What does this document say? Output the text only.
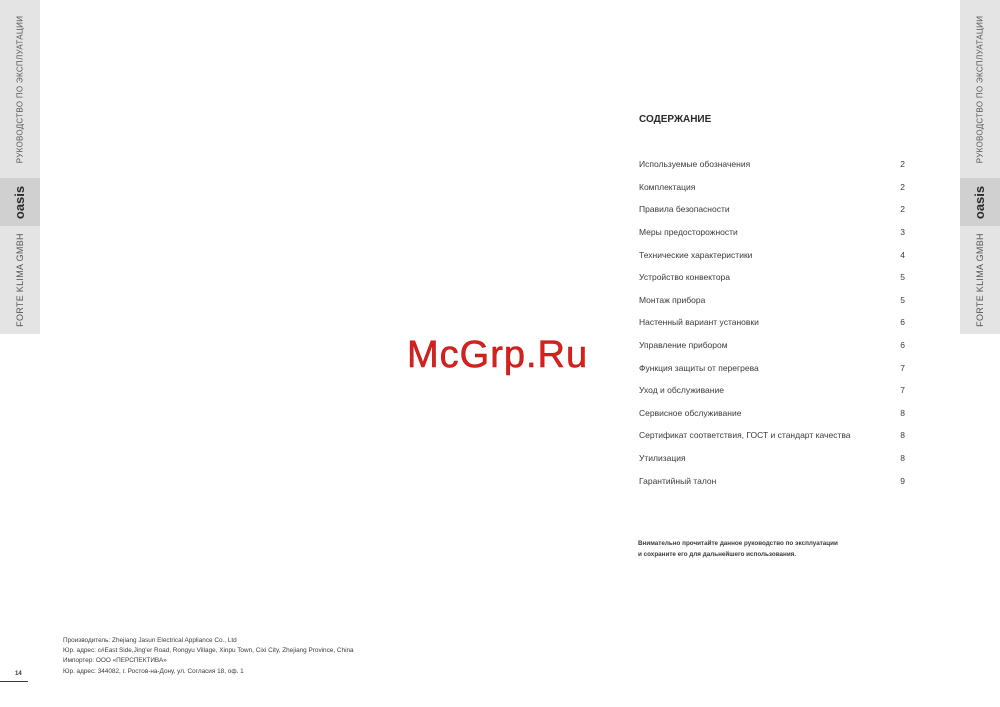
РУКОВОДСТВО ПО ЭКСПЛУАТАЦИИ
oasis
FORTE KLIMA GMBH
РУКОВОДСТВО ПО ЭКСПЛУАТАЦИИ
oasis
FORTE KLIMA GMBH
McGrp.Ru
СОДЕРЖАНИЕ
Используемые обозначения	2
Комплектация	2
Правила безопасности	2
Меры предосторожности	3
Технические характеристики	4
Устройство конвектора	5
Монтаж прибора	5
Настенный вариант установки	6
Управление прибором	6
Функция защиты от перегрева	7
Уход и обслуживание	7
Сервисное обслуживание	8
Сертификат соответствия, ГОСТ и стандарт качества	8
Утилизация	8
Гарантийный талон	9
Внимательно прочитайте данное руководство по эксплуатации
и сохраните его для дальнейшего использования.
Производитель: Zhejiang Jasun Electrical Appliance Co., Ltd
Юр. адрес: c#East Side,Jing'er Road, Rongyu Village, Xinpu Town, Cixi City, Zhejiang Province, China
Импортер: ООО «ПЕРСПЕКТИВА»
Юр. адрес: 344082, г. Ростов-на-Дону, ул. Согласия 18, оф. 1
14
